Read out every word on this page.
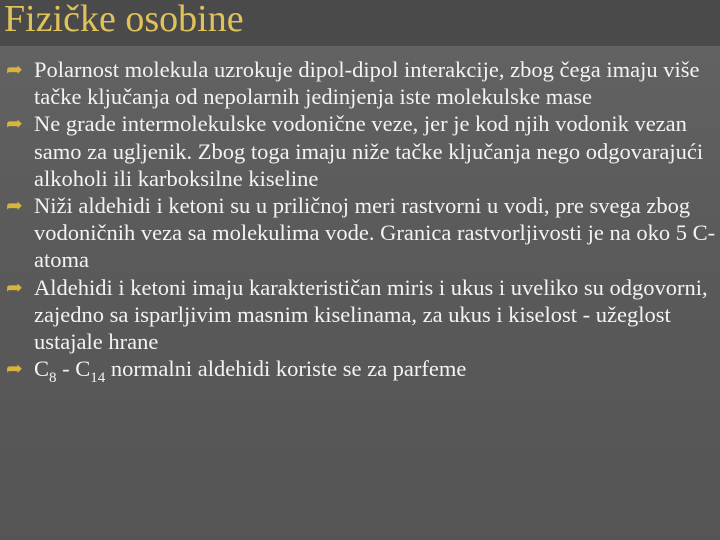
Fizičke osobine
➦ Polarnost molekula uzrokuje dipol-dipol interakcije, zbog čega imaju više tačke ključanja od nepolarnih jedinjenja iste molekulske mase
➦ Ne grade intermolekulske vodonične veze, jer je kod njih vodonik vezan samo za ugljenik. Zbog toga imaju niže tačke ključanja nego odgovarajući alkoholi ili karboksilne kiseline
➦ Niži aldehidi i ketoni su u priličnoj meri rastvorni u vodi, pre svega zbog vodoničnih veza sa molekulima vode. Granica rastvorljivosti je na oko 5 C-atoma
➦ Aldehidi i ketoni imaju karakterističan miris i ukus i uveliko su odgovorni, zajedno sa isparljivim masnim kiselinama, za ukus i kiselost - užeglost ustajale hrane
➦ $C_8 - C_{14}$ normalni aldehidi koriste se za parfeme
